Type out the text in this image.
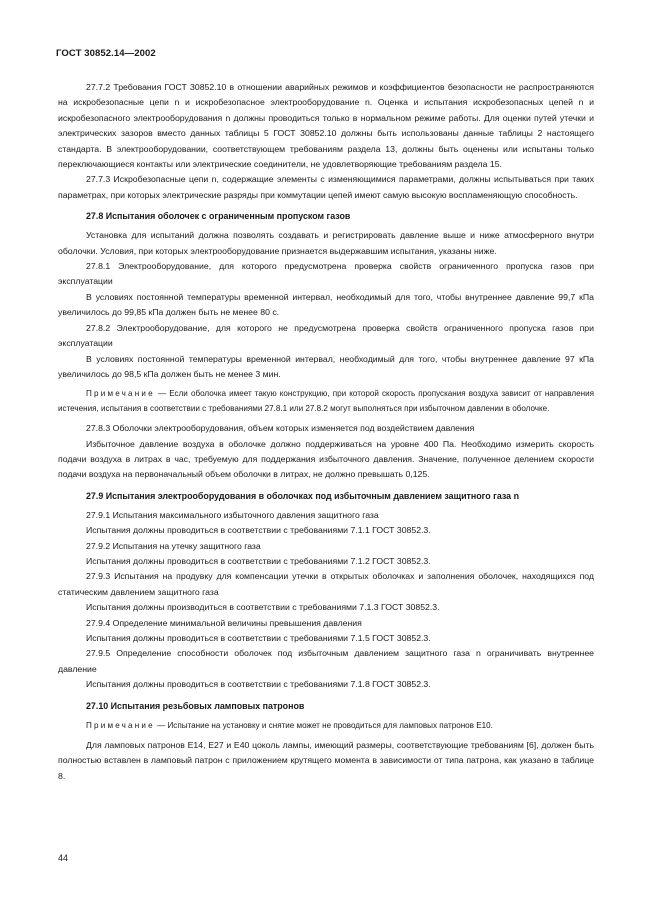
ГОСТ 30852.14—2002

27.7.2 Требования ГОСТ 30852.10 в отношении аварийных режимов и коэффициентов безопасности не распространяются на искробезопасные цепи n и искробезопасное электрооборудование n. Оценка и испытания искробезопасных цепей n и искробезопасного электрооборудования n должны проводиться только в нормальном режиме работы. Для оценки путей утечки и электрических зазоров вместо данных таблицы 5 ГОСТ 30852.10 должны быть использованы данные таблицы 2 настоящего стандарта. В электрооборудовании, соответствующем требованиям раздела 13, должны быть оценены или испытаны только переключающиеся контакты или электрические соединители, не удовлетворяющие требованиям раздела 15.

27.7.3 Искробезопасные цепи n, содержащие элементы с изменяющимися параметрами, должны испытываться при таких параметрах, при которых электрические разряды при коммутации цепей имеют самую высокую воспламеняющую способность.

27.8 Испытания оболочек с ограниченным пропуском газов

Установка для испытаний должна позволять создавать и регистрировать давление выше и ниже атмосферного внутри оболочки. Условия, при которых электрооборудование признается выдержавшим испытания, указаны ниже.

27.8.1 Электрооборудование, для которого предусмотрена проверка свойств ограниченного пропуска газов при эксплуатации

В условиях постоянной температуры временной интервал, необходимый для того, чтобы внутреннее давление 99,7 кПа увеличилось до 99,85 кПа должен быть не менее 80 с.

27.8.2 Электрооборудование, для которого не предусмотрена проверка свойств ограниченного пропуска газов при эксплуатации

В условиях постоянной температуры временной интервал, необходимый для того, чтобы внутреннее давление 97 кПа увеличилось до 98,5 кПа должен быть не менее 3 мин.

Примечание — Если оболочка имеет такую конструкцию, при которой скорость пропускания воздуха зависит от направления истечения, испытания в соответствии с требованиями 27.8.1 или 27.8.2 могут выполняться при избыточном давлении в оболочке.

27.8.3 Оболочки электрооборудования, объем которых изменяется под воздействием давления

Избыточное давление воздуха в оболочке должно поддерживаться на уровне 400 Па. Необходимо измерить скорость подачи воздуха в литрах в час, требуемую для поддержания избыточного давления. Значение, полученное делением скорости подачи воздуха на первоначальный объем оболочки в литрах, не должно превышать 0,125.

27.9 Испытания электрооборудования в оболочках под избыточным давлением защитного газа n

27.9.1 Испытания максимального избыточного давления защитного газа

Испытания должны проводиться в соответствии с требованиями 7.1.1 ГОСТ 30852.3.

27.9.2 Испытания на утечку защитного газа

Испытания должны проводиться в соответствии с требованиями 7.1.2 ГОСТ 30852.3.

27.9.3 Испытания на продувку для компенсации утечки в открытых оболочках и заполнения оболочек, находящихся под статическим давлением защитного газа

Испытания должны производиться в соответствии с требованиями 7.1.3 ГОСТ 30852.3.

27.9.4 Определение минимальной величины превышения давления

Испытания должны проводиться в соответствии с требованиями 7.1.5 ГОСТ 30852.3.

27.9.5 Определение способности оболочек под избыточным давлением защитного газа n ограничивать внутреннее давление

Испытания должны проводиться в соответствии с требованиями 7.1.8 ГОСТ 30852.3.

27.10 Испытания резьбовых ламповых патронов

Примечание — Испытание на установку и снятие может не проводиться для ламповых патронов Е10.

Для ламповых патронов Е14, Е27 и Е40 цоколь лампы, имеющий размеры, соответствующие требованиям [6], должен быть полностью вставлен в ламповый патрон с приложением крутящего момента в зависимости от типа патрона, как указано в таблице 8.

44
